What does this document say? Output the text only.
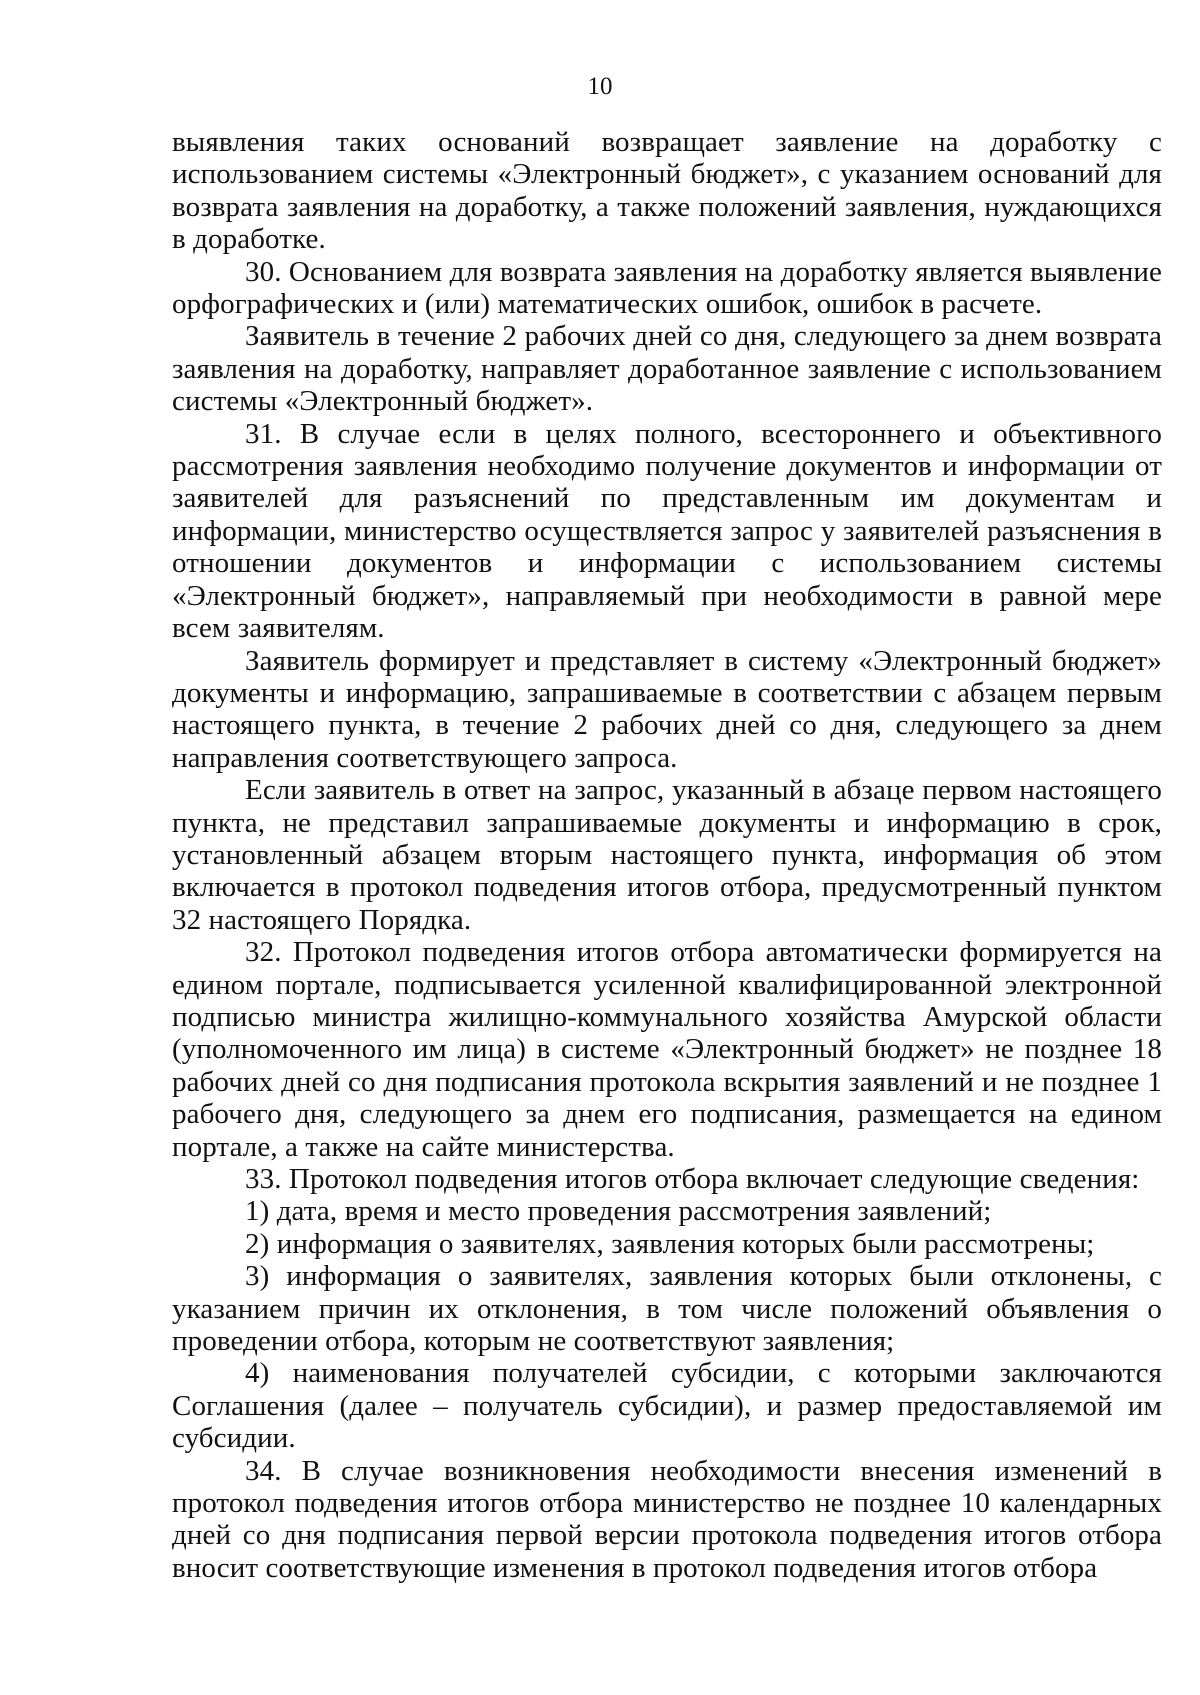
10

выявления таких оснований возвращает заявление на доработку с использованием системы «Электронный бюджет», с указанием оснований для возврата заявления на доработку, а также положений заявления, нуждающихся в доработке.

30. Основанием для возврата заявления на доработку является выявление орфографических и (или) математических ошибок, ошибок в расчете.

Заявитель в течение 2 рабочих дней со дня, следующего за днем возврата заявления на доработку, направляет доработанное заявление с использованием системы «Электронный бюджет».

31. В случае если в целях полного, всестороннего и объективного рассмотрения заявления необходимо получение документов и информации от заявителей для разъяснений по представленным им документам и информации, министерство осуществляется запрос у заявителей разъяснения в отношении документов и информации с использованием системы «Электронный бюджет», направляемый при необходимости в равной мере всем заявителям.

Заявитель формирует и представляет в систему «Электронный бюджет» документы и информацию, запрашиваемые в соответствии с абзацем первым настоящего пункта, в течение 2 рабочих дней со дня, следующего за днем направления соответствующего запроса.

Если заявитель в ответ на запрос, указанный в абзаце первом настоящего пункта, не представил запрашиваемые документы и информацию в срок, установленный абзацем вторым настоящего пункта, информация об этом включается в протокол подведения итогов отбора, предусмотренный пунктом 32 настоящего Порядка.

32. Протокол подведения итогов отбора автоматически формируется на едином портале, подписывается усиленной квалифицированной электронной подписью министра жилищно-коммунального хозяйства Амурской области (уполномоченного им лица) в системе «Электронный бюджет» не позднее 18 рабочих дней со дня подписания протокола вскрытия заявлений и не позднее 1 рабочего дня, следующего за днем его подписания, размещается на едином портале, а также на сайте министерства.

33. Протокол подведения итогов отбора включает следующие сведения:

1) дата, время и место проведения рассмотрения заявлений;

2) информация о заявителях, заявления которых были рассмотрены;

3) информация о заявителях, заявления которых были отклонены, с указанием причин их отклонения, в том числе положений объявления о проведении отбора, которым не соответствуют заявления;

4) наименования получателей субсидии, с которыми заключаются Соглашения (далее – получатель субсидии), и размер предоставляемой им субсидии.

34. В случае возникновения необходимости внесения изменений в протокол подведения итогов отбора министерство не позднее 10 календарных дней со дня подписания первой версии протокола подведения итогов отбора вносит соответствующие изменения в протокол подведения итогов отбора
